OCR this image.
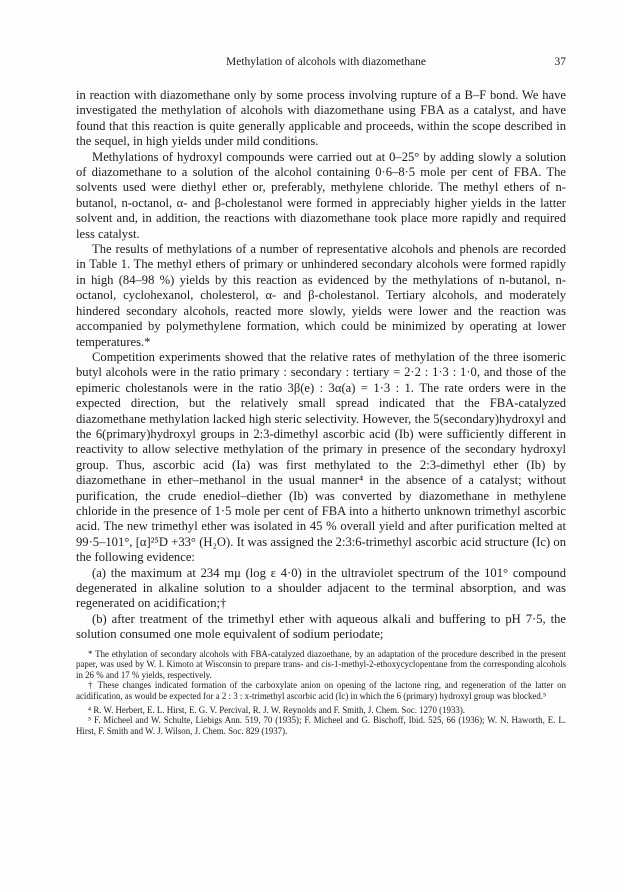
Methylation of alcohols with diazomethane	37

in reaction with diazomethane only by some process involving rupture of a B–F bond. We have investigated the methylation of alcohols with diazomethane using FBA as a catalyst, and have found that this reaction is quite generally applicable and proceeds, within the scope described in the sequel, in high yields under mild conditions.

Methylations of hydroxyl compounds were carried out at 0–25° by adding slowly a solution of diazomethane to a solution of the alcohol containing 0·6–8·5 mole per cent of FBA. The solvents used were diethyl ether or, preferably, methylene chloride. The methyl ethers of n-butanol, n-octanol, α- and β-cholestanol were formed in appreciably higher yields in the latter solvent and, in addition, the reactions with diazomethane took place more rapidly and required less catalyst.

The results of methylations of a number of representative alcohols and phenols are recorded in Table 1. The methyl ethers of primary or unhindered secondary alcohols were formed rapidly in high (84–98 %) yields by this reaction as evidenced by the methylations of n-butanol, n-octanol, cyclohexanol, cholesterol, α- and β-cholestanol. Tertiary alcohols, and moderately hindered secondary alcohols, reacted more slowly, yields were lower and the reaction was accompanied by polymethylene formation, which could be minimized by operating at lower temperatures.*

Competition experiments showed that the relative rates of methylation of the three isomeric butyl alcohols were in the ratio primary : secondary : tertiary = 2·2 : 1·3 : 1·0, and those of the epimeric cholestanols were in the ratio 3β(e) : 3α(a) = 1·3 : 1. The rate orders were in the expected direction, but the relatively small spread indicated that the FBA-catalyzed diazomethane methylation lacked high steric selectivity. However, the 5(secondary)hydroxyl and the 6(primary)hydroxyl groups in 2:3-dimethyl ascorbic acid (Ib) were sufficiently different in reactivity to allow selective methylation of the primary in presence of the secondary hydroxyl group. Thus, ascorbic acid (Ia) was first methylated to the 2:3-dimethyl ether (Ib) by diazomethane in ether–methanol in the usual manner⁴ in the absence of a catalyst; without purification, the crude enediol–diether (Ib) was converted by diazomethane in methylene chloride in the presence of 1·5 mole per cent of FBA into a hitherto unknown trimethyl ascorbic acid. The new trimethyl ether was isolated in 45 % overall yield and after purification melted at 99·5–101°, [α]²⁵D +33° (H₂O). It was assigned the 2:3:6-trimethyl ascorbic acid structure (Ic) on the following evidence:

(a) the maximum at 234 mμ (log ε 4·0) in the ultraviolet spectrum of the 101° compound degenerated in alkaline solution to a shoulder adjacent to the terminal absorption, and was regenerated on acidification;†

(b) after treatment of the trimethyl ether with aqueous alkali and buffering to pH 7·5, the solution consumed one mole equivalent of sodium periodate;

* The ethylation of secondary alcohols with FBA-catalyzed diazoethane, by an adaptation of the procedure described in the present paper, was used by W. I. Kimoto at Wisconsin to prepare trans- and cis-1-methyl-2-ethoxycyclopentane from the corresponding alcohols in 26 % and 17 % yields, respectively.

† These changes indicated formation of the carboxylate anion on opening of the lactone ring, and regeneration of the latter on acidification, as would be expected for a 2 : 3 : x-trimethyl ascorbic acid (Ic) in which the 6 (primary) hydroxyl group was blocked.⁵

⁴ R. W. Herbert, E. L. Hirst, E. G. V. Percival, R. J. W. Reynolds and F. Smith, J. Chem. Soc. 1270 (1933).

⁵ F. Micheel and W. Schulte, Liebigs Ann. 519, 70 (1935); F. Micheel and G. Bischoff, Ibid. 525, 66 (1936); W. N. Haworth, E. L. Hirst, F. Smith and W. J. Wilson, J. Chem. Soc. 829 (1937).
